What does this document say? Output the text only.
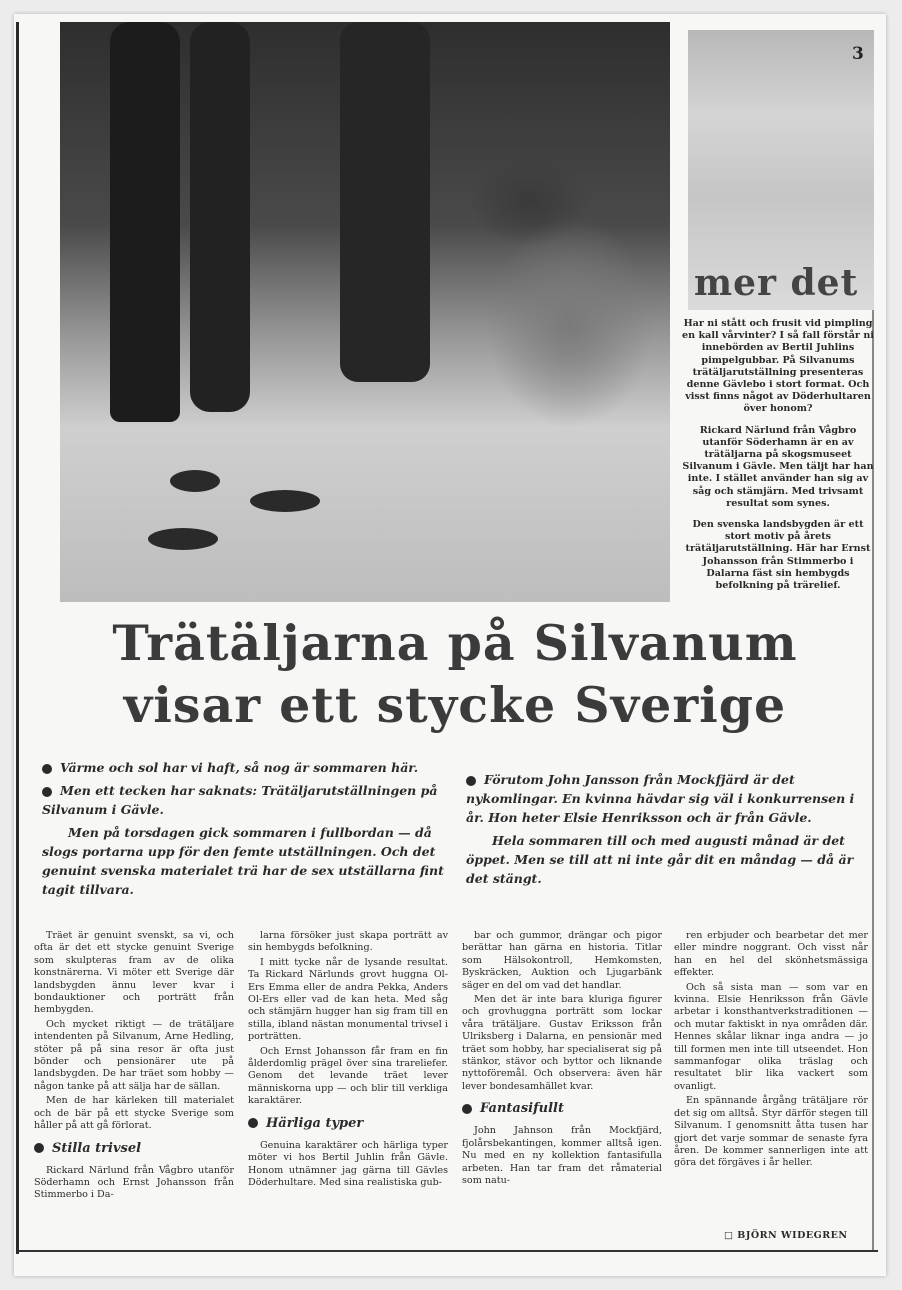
3
mer det

Har ni stått och frusit vid pimpling en kall vårvinter? I så fall förstår ni innebörden av Bertil Juhlins pimpelgubbar. På Silvanums trätäljarutställning presenteras denne Gävlebo i stort format. Och visst finns något av Döderhultaren över honom?

Rickard Närlund från Vågbro utanför Söderhamn är en av trätäljarna på skogsmuseet Silvanum i Gävle. Men täljt har han inte. I stället använder han sig av såg och stämjärn. Med trivsamt resultat som synes.

Den svenska landsbygden är ett stort motiv på årets trätäljarutställning. Här har Ernst Johansson från Stimmerbo i Dalarna fäst sin hembygds befolkning på trärelief.

Trätäljarna på Silvanum
visar ett stycke Sverige

Värme och sol har vi haft, så nog är sommaren här.

Men ett tecken har saknats: Trätäljarutställningen på Silvanum i Gävle.

Men på torsdagen gick sommaren i fullbordan — då slogs portarna upp för den femte utställningen. Och det genuint svenska materialet trä har de sex utställarna fint tagit tillvara.

Förutom John Jansson från Mockfjärd är det nykomlingar. En kvinna hävdar sig väl i konkurrensen i år. Hon heter Elsie Henriksson och är från Gävle.

Hela sommaren till och med augusti månad är det öppet. Men se till att ni inte går dit en måndag — då är det stängt.

Träet är genuint svenskt, sa vi, och ofta är det ett stycke genuint Sverige som skulpteras fram av de olika konstnärerna. Vi möter ett Sverige där landsbygden ännu lever kvar i bondauktioner och porträtt från hembygden.

Och mycket riktigt — de trätäljare intendenten på Silvanum, Arne Hedling, stöter på på sina resor är ofta just bönder och pensionärer ute på landsbygden. De har träet som hobby — någon tanke på att sälja har de sällan.

Men de har kärleken till materialet och de bär på ett stycke Sverige som håller på att gå förlorat.

Stilla trivsel

Rickard Närlund från Vågbro utanför Söderhamn och Ernst Johansson från Stimmerbo i Da-

larna försöker just skapa porträtt av sin hembygds befolkning.

I mitt tycke når de lysande resultat. Ta Rickard Närlunds grovt huggna Ol-Ers Emma eller de andra Pekka, Anders Ol-Ers eller vad de kan heta. Med såg och stämjärn hugger han sig fram till en stilla, ibland nästan monumental trivsel i porträtten.

Och Ernst Johansson får fram en fin ålderdomlig prägel över sina trareliefer. Genom det levande träet lever människorna upp — och blir till verkliga karaktärer.

Härliga typer

Genuina karaktärer och härliga typer möter vi hos Bertil Juhlin från Gävle. Honom utnämner jag gärna till Gävles Döderhultare. Med sina realistiska gub-

bar och gummor, drängar och pigor berättar han gärna en historia. Titlar som Hälsokontroll, Hemkomsten, Byskräcken, Auktion och Ljugarbänk säger en del om vad det handlar.

Men det är inte bara kluriga figurer och grovhuggna porträtt som lockar våra trätäljare. Gustav Eriksson från Ulriksberg i Dalarna, en pensionär med träet som hobby, har specialiserat sig på stänkor, stävor och byttor och liknande nyttoföremål. Och observera: även här lever bondesamhället kvar.

Fantasifullt

John Jahnson från Mockfjärd, fjolårsbekantingen, kommer alltså igen. Nu med en ny kollektion fantasifulla arbeten. Han tar fram det råmaterial som natu-

ren erbjuder och bearbetar det mer eller mindre noggrant. Och visst når han en hel del skönhetsmässiga effekter.

Och så sista man — som var en kvinna. Elsie Henriksson från Gävle arbetar i konsthantverkstraditionen — och mutar faktiskt in nya områden där. Hennes skålar liknar inga andra — jo till formen men inte till utseendet. Hon sammanfogar olika träslag och resultatet blir lika vackert som ovanligt.

En spännande årgång trätäljare rör det sig om alltså. Styr därför stegen till Silvanum. I genomsnitt åtta tusen har gjort det varje sommar de senaste fyra åren. De kommer sannerligen inte att göra det förgäves i år heller.

□ BJÖRN WIDEGREN
